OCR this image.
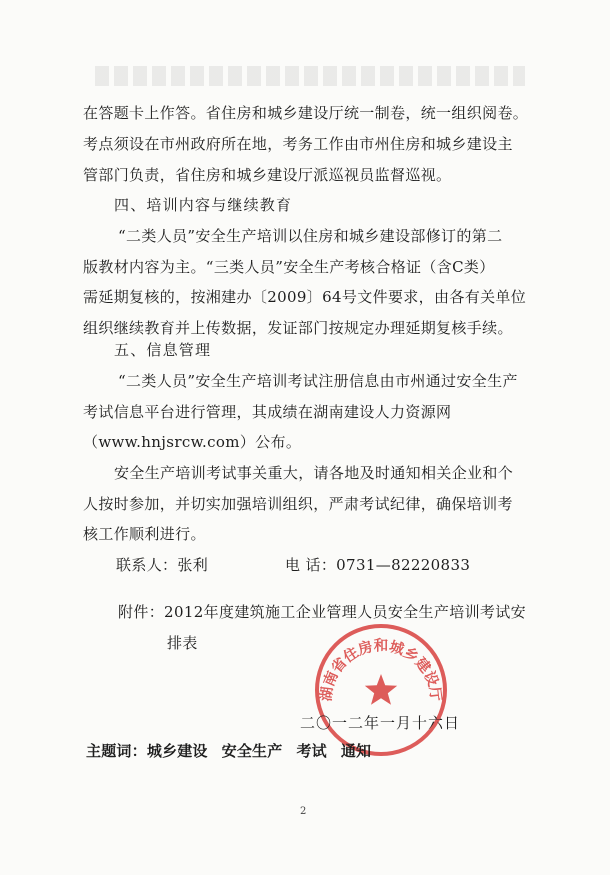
在答题卡上作答。省住房和城乡建设厅统一制卷，统一组织阅卷。
考点须设在市州政府所在地，考务工作由市州住房和城乡建设主
管部门负责，省住房和城乡建设厅派巡视员监督巡视。
四、培训内容与继续教育
“二类人员”安全生产培训以住房和城乡建设部修订的第二
版教材内容为主。“三类人员”安全生产考核合格证（含C类）
需延期复核的，按湘建办〔2009〕64号文件要求，由各有关单位
组织继续教育并上传数据，发证部门按规定办理延期复核手续。
五、信息管理
“二类人员”安全生产培训考试注册信息由市州通过安全生产
考试信息平台进行管理，其成绩在湖南建设人力资源网
（www.hnjsrcw.com）公布。
安全生产培训考试事关重大，请各地及时通知相关企业和个
人按时参加，并切实加强培训组织，严肃考试纪律，确保培训考
核工作顺利进行。
联系人：张利	电 话：0731—82220833
附件：2012年度建筑施工企业管理人员安全生产培训考试安
排表
湖南省住房和城乡建设厅
二〇一二年一月十六日
主题词：城乡建设 安全生产 考试 通知
2
